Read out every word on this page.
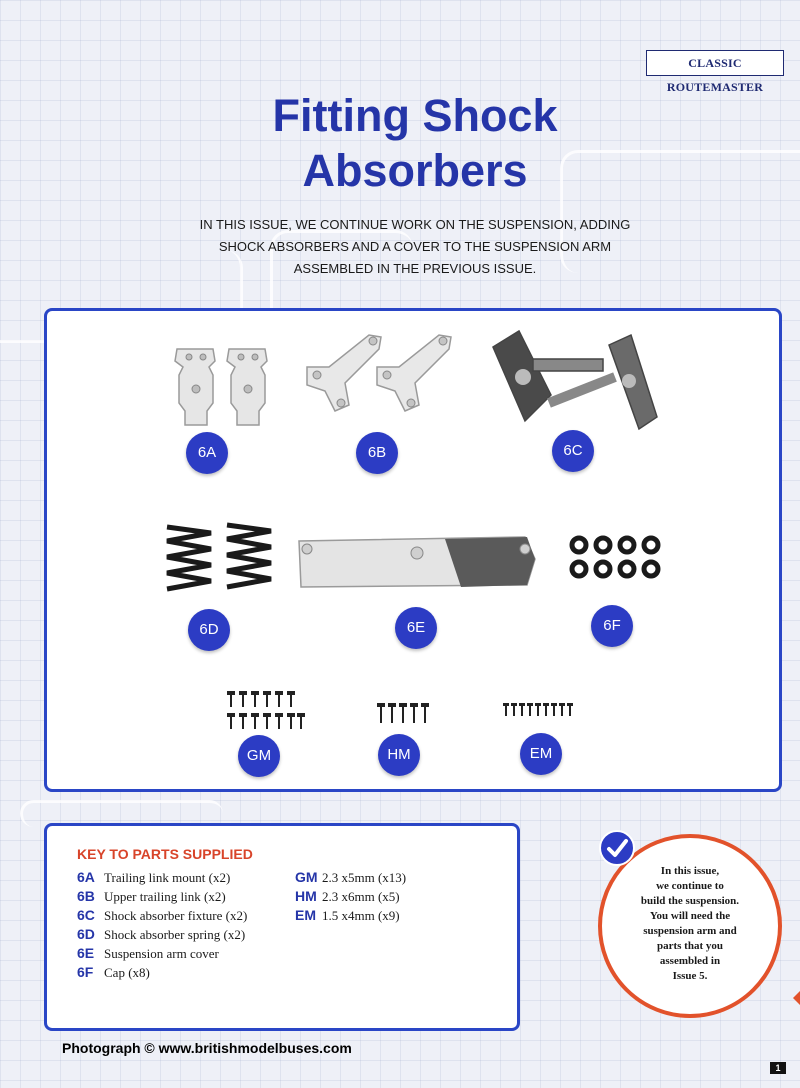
CLASSIC ROUTEMASTER
Fitting Shock
Absorbers
IN THIS ISSUE, WE CONTINUE WORK ON THE SUSPENSION, ADDING
SHOCK ABSORBERS AND A COVER TO THE SUSPENSION ARM
ASSEMBLED IN THE PREVIOUS ISSUE.
6A	6B	6C
6D	6E	6F
GM	HM	EM
KEY TO PARTS SUPPLIED
6A Trailing link mount (x2)
6B Upper trailing link (x2)
6C Shock absorber fixture (x2)
6D Shock absorber spring (x2)
6E Suspension arm cover
6F Cap (x8)
GM 2.3 x5mm (x13)
HM 2.3 x6mm (x5)
EM 1.5 x4mm (x9)
In this issue,
we continue to
build the suspension.
You will need the
suspension arm and
parts that you
assembled in
Issue 5.
Photograph © www.britishmodelbuses.com
1
